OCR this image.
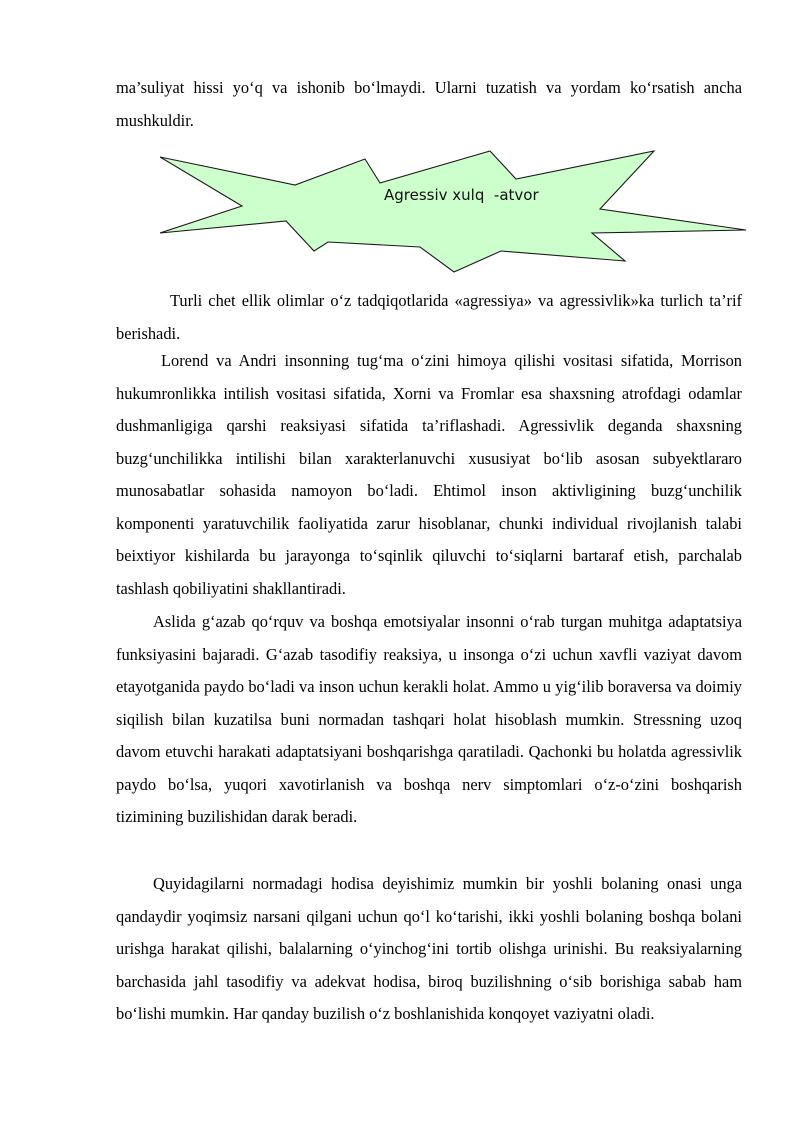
ma’suliyat hissi yo‘q va ishonib bo‘lmaydi. Ularni tuzatish va yordam ko‘rsatish ancha mushkuldir.

Agressiv xulq  -atvor

Turli chet ellik olimlar o‘z tadqiqotlarida «agressiya» va agressivlik»ka turlich ta’rif berishadi.

Lorend va Andri insonning tug‘ma o‘zini himoya qilishi vositasi sifatida, Morrison hukumronlikka intilish vositasi sifatida, Xorni va Fromlar esa shaxsning atrofdagi odamlar dushmanligiga qarshi reaksiyasi sifatida ta’riflashadi. Agressivlik deganda shaxsning buzg‘unchilikka intilishi bilan xarakterlanuvchi xususiyat bo‘lib asosan subyektlararo munosabatlar sohasida namoyon bo‘ladi. Ehtimol inson aktivligining buzg‘unchilik komponenti yaratuvchilik faoliyatida zarur hisoblanar, chunki individual rivojlanish talabi beixtiyor kishilarda bu jarayonga to‘sqinlik qiluvchi to‘siqlarni bartaraf etish, parchalab tashlash qobiliyatini shakllantiradi.

Aslida g‘azab qo‘rquv va boshqa emotsiyalar insonni o‘rab turgan muhitga adaptatsiya funksiyasini bajaradi. G‘azab tasodifiy reaksiya, u insonga o‘zi uchun xavfli vaziyat davom etayotganida paydo bo‘ladi va inson uchun kerakli holat. Ammo u yig‘ilib boraversa va doimiy siqilish bilan kuzatilsa buni normadan tashqari holat hisoblash mumkin. Stressning uzoq davom etuvchi harakati adaptatsiyani boshqarishga qaratiladi. Qachonki bu holatda agressivlik paydo bo‘lsa, yuqori xavotirlanish va boshqa nerv simptomlari o‘z-o‘zini boshqarish tizimining buzilishidan darak beradi.

Quyidagilarni normadagi hodisa deyishimiz mumkin bir yoshli bolaning onasi unga qandaydir yoqimsiz narsani qilgani uchun qo‘l ko‘tarishi, ikki yoshli bolaning boshqa bolani urishga harakat qilishi, balalarning o‘yinchog‘ini tortib olishga urinishi. Bu reaksiyalarning barchasida jahl tasodifiy va adekvat hodisa, biroq buzilishning o‘sib borishiga sabab ham bo‘lishi mumkin. Har qanday buzilish o‘z boshlanishida konqoyet vaziyatni oladi.
